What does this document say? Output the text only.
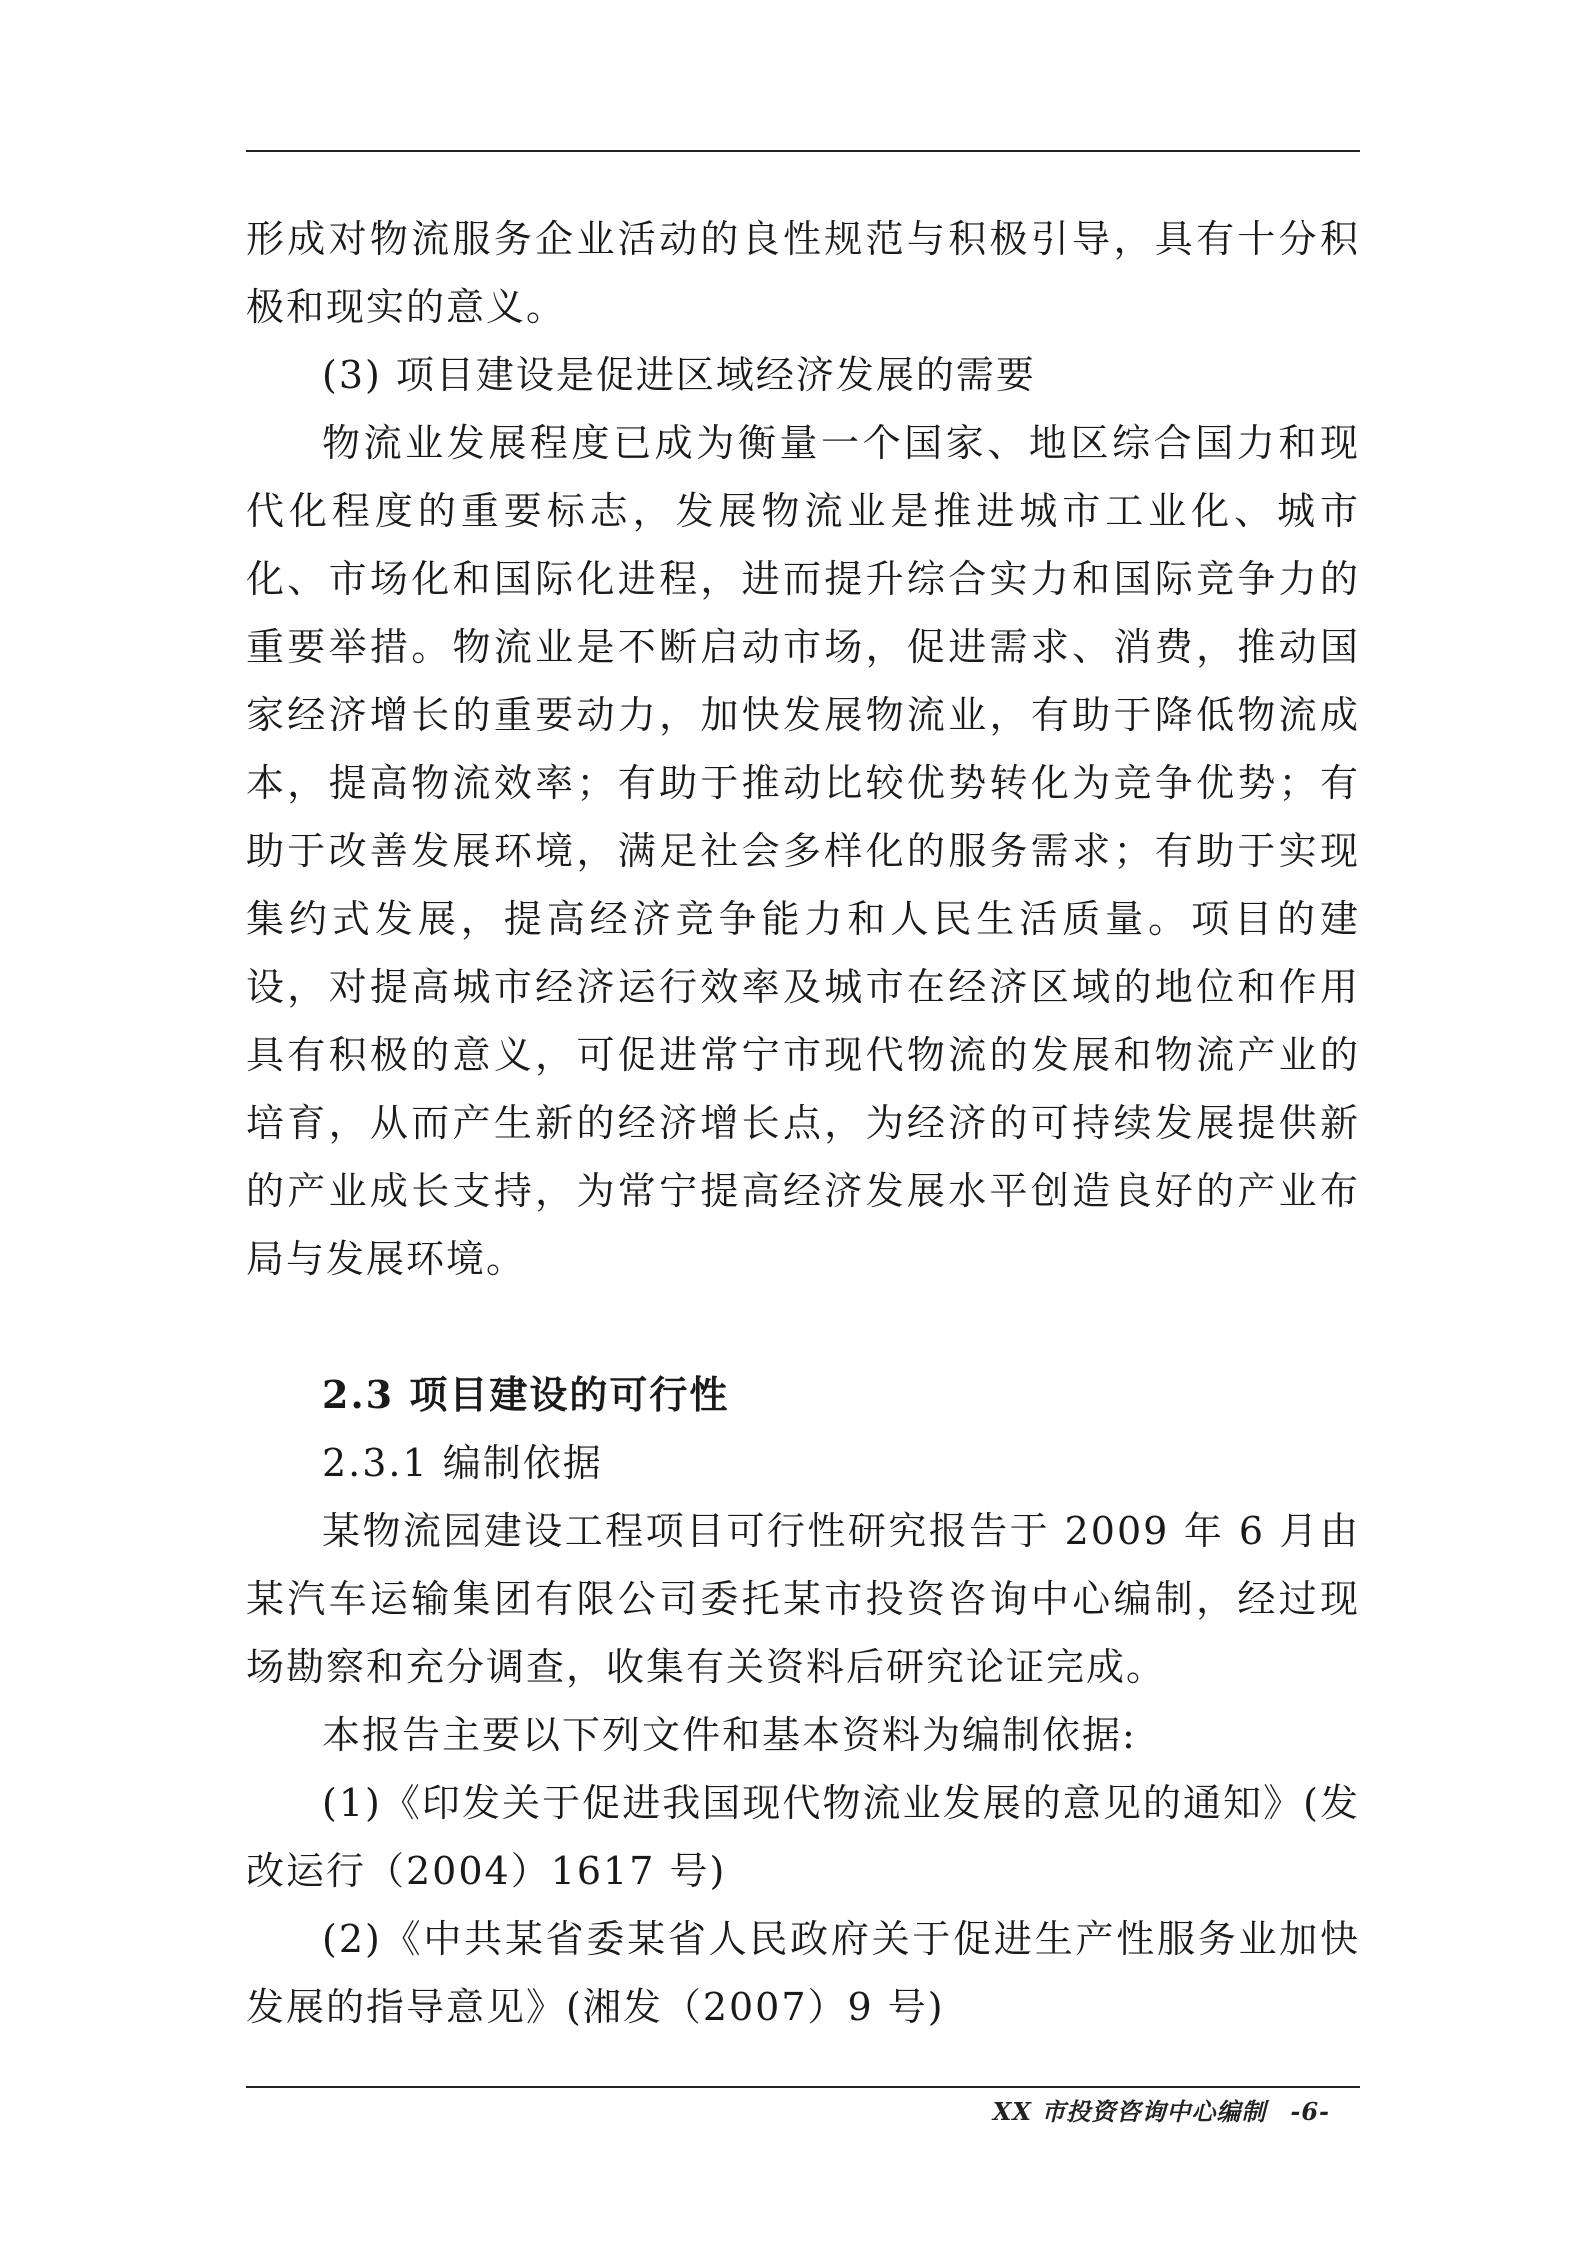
形成对物流服务企业活动的良性规范与积极引导，具有十分积极和现实的意义。

(3) 项目建设是促进区域经济发展的需要

物流业发展程度已成为衡量一个国家、地区综合国力和现代化程度的重要标志，发展物流业是推进城市工业化、城市化、市场化和国际化进程，进而提升综合实力和国际竞争力的重要举措。物流业是不断启动市场，促进需求、消费，推动国家经济增长的重要动力，加快发展物流业，有助于降低物流成本，提高物流效率；有助于推动比较优势转化为竞争优势；有助于改善发展环境，满足社会多样化的服务需求；有助于实现集约式发展，提高经济竞争能力和人民生活质量。项目的建设，对提高城市经济运行效率及城市在经济区域的地位和作用具有积极的意义，可促进常宁市现代物流的发展和物流产业的培育，从而产生新的经济增长点，为经济的可持续发展提供新的产业成长支持，为常宁提高经济发展水平创造良好的产业布局与发展环境。

2.3 项目建设的可行性

2.3.1 编制依据

某物流园建设工程项目可行性研究报告于 2009 年 6 月由某汽车运输集团有限公司委托某市投资咨询中心编制，经过现场勘察和充分调查，收集有关资料后研究论证完成。

本报告主要以下列文件和基本资料为编制依据:

(1)《印发关于促进我国现代物流业发展的意见的通知》(发改运行（2004）1617 号)

(2)《中共某省委某省人民政府关于促进生产性服务业加快发展的指导意见》(湘发（2007）9 号)

XX 市投资咨询中心编制 -6-
